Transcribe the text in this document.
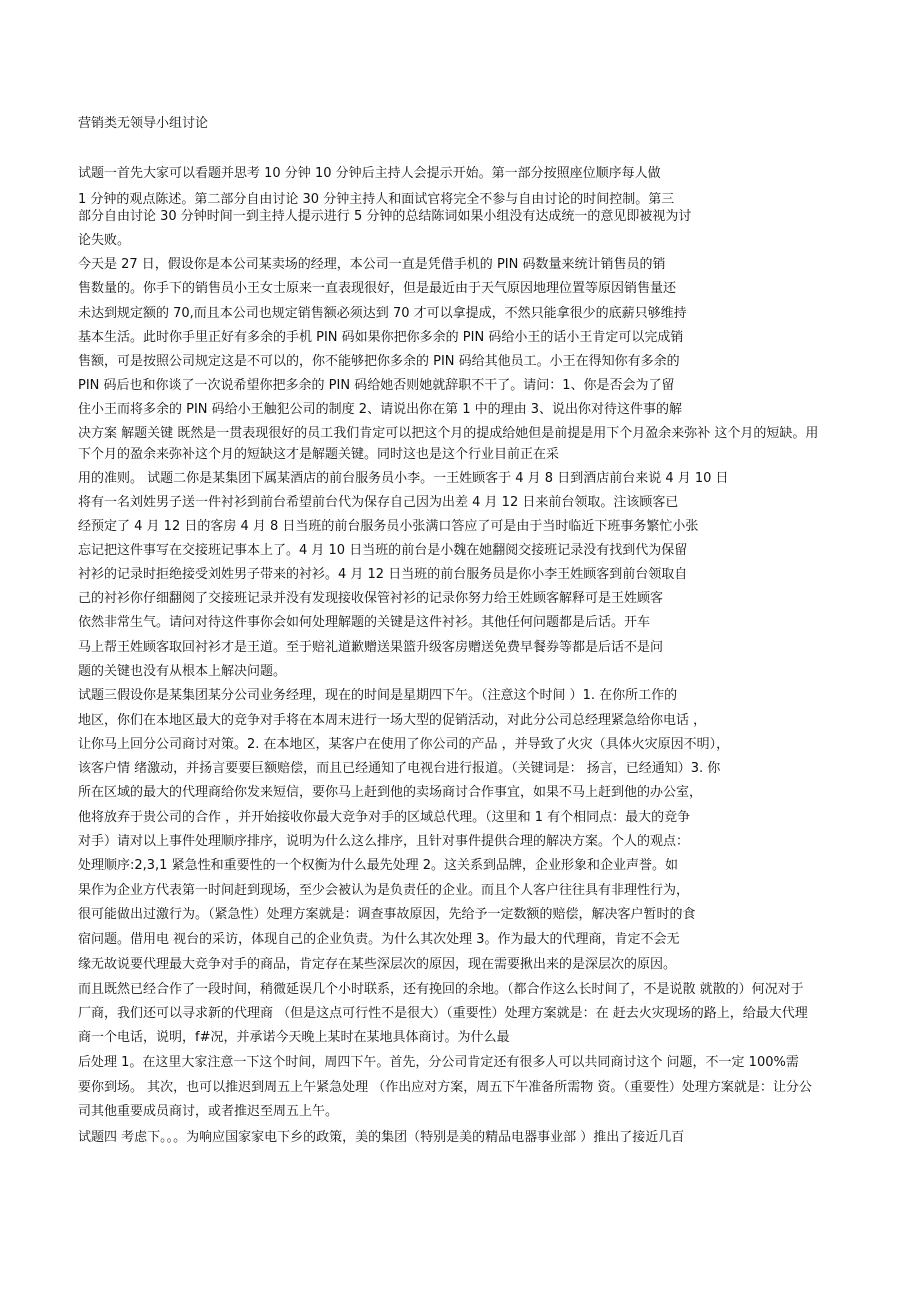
营销类无领导小组讨论
试题一首先大家可以看题并思考 10 分钟 10 分钟后主持人会提示开始。第一部分按照座位顺序每人做
1 分钟的观点陈述。第二部分自由讨论 30 分钟主持人和面试官将完全不参与自由讨论的时间控制。第三
部分自由讨论 30 分钟时间一到主持人提示进行 5 分钟的总结陈词如果小组没有达成统一的意见即被视为讨
论失败。
今天是 27 日，假设你是本公司某卖场的经理，本公司一直是凭借手机的 PIN 码数量来统计销售员的销
售数量的。你手下的销售员小王女士原来一直表现很好，但是最近由于天气原因地理位置等原因销售量还
未达到规定额的 70,而且本公司也规定销售额必须达到 70 才可以拿提成，不然只能拿很少的底薪只够维持
基本生活。此时你手里正好有多余的手机 PIN 码如果你把你多余的 PIN 码给小王的话小王肯定可以完成销
售额，可是按照公司规定这是不可以的，你不能够把你多余的 PIN 码给其他员工。小王在得知你有多余的
PIN 码后也和你谈了一次说希望你把多余的 PIN 码给她否则她就辞职不干了。请问：1、你是否会为了留
住小王而将多余的 PIN 码给小王触犯公司的制度 2、请说出你在第 1 中的理由 3、说出你对待这件事的解
决方案 解题关键 既然是一贯表现很好的员工我们肯定可以把这个月的提成给她但是前提是用下个月盈余来弥补 这个月的短缺。用
下个月的盈余来弥补这个月的短缺这才是解题关键。同时这也是这个行业目前正在采
用的准则。 试题二你是某集团下属某酒店的前台服务员小李。一王姓顾客于 4 月 8 日到酒店前台来说 4 月 10 日
将有一名刘姓男子送一件衬衫到前台希望前台代为保存自己因为出差 4 月 12 日来前台领取。注该顾客已
经预定了 4 月 12 日的客房 4 月 8 日当班的前台服务员小张满口答应了可是由于当时临近下班事务繁忙小张
忘记把这件事写在交接班记事本上了。4 月 10 日当班的前台是小魏在她翻阅交接班记录没有找到代为保留
衬衫的记录时拒绝接受刘姓男子带来的衬衫。4 月 12 日当班的前台服务员是你小李王姓顾客到前台领取自
己的衬衫你仔细翻阅了交接班记录并没有发现接收保管衬衫的记录你努力给王姓顾客解释可是王姓顾客
依然非常生气。请问对待这件事你会如何处理解题的关键是这件衬衫。其他任何问题都是后话。开车
马上帮王姓顾客取回衬衫才是王道。至于赔礼道歉赠送果篮升级客房赠送免费早餐券等都是后话不是问
题的关键也没有从根本上解决问题。
试题三假设你是某集团某分公司业务经理，现在的时间是星期四下午。（注意这个时间 ）1. 在你所工作的
地区，你们在本地区最大的竞争对手将在本周末进行一场大型的促销活动，对此分公司总经理紧急给你电话 ，
让你马上回分公司商讨对策。2. 在本地区，某客户在使用了你公司的产品 ，并导致了火灾（具体火灾原因不明），
该客户情 绪激动，并扬言要要巨额赔偿，而且已经通知了电视台进行报道。（关键词是： 扬言，已经通知）3. 你
所在区域的最大的代理商给你发来短信，要你马上赶到他的卖场商讨合作事宜，如果不马上赶到他的办公室，
他将放弃于贵公司的合作 ，并开始接收你最大竞争对手的区域总代理。（这里和 1 有个相同点：最大的竞争
对手）请对以上事件处理顺序排序，说明为什么这么排序，且针对事件提供合理的解决方案。个人的观点：
处理顺序:2,3,1 紧急性和重要性的一个权衡为什么最先处理 2。这关系到品牌，企业形象和企业声誉。如
果作为企业方代表第一时间赶到现场，至少会被认为是负责任的企业。而且个人客户往往具有非理性行为，
很可能做出过激行为。（紧急性）处理方案就是：调查事故原因，先给予一定数额的赔偿，解决客户暂时的食
宿问题。借用电 视台的采访，体现自己的企业负责。为什么其次处理 3。作为最大的代理商，肯定不会无
缘无故说要代理最大竞争对手的商品，肯定存在某些深层次的原因，现在需要揪出来的是深层次的原因。
而且既然已经合作了一段时间，稍微延误几个小时联系，还有挽回的余地。（都合作这么长时间了，不是说散 就散的）何况对于
厂商，我们还可以寻求新的代理商 （但是这点可行性不是很大）（重要性）处理方案就是：在 赶去火灾现场的路上，给最大代理
商一个电话，说明，f#况，并承诺今天晚上某时在某地具体商讨。为什么最
后处理 1。在这里大家注意一下这个时间，周四下午。首先，分公司肯定还有很多人可以共同商讨这个 问题，不一定 100%需
要你到场。 其次，也可以推迟到周五上午紧急处理 （作出应对方案，周五下午准备所需物 资。（重要性）处理方案就是：让分公
司其他重要成员商讨，或者推迟至周五上午。
试题四 考虑下。。。为响应国家家电下乡的政策，美的集团（特别是美的精品电器事业部 ）推出了接近几百
